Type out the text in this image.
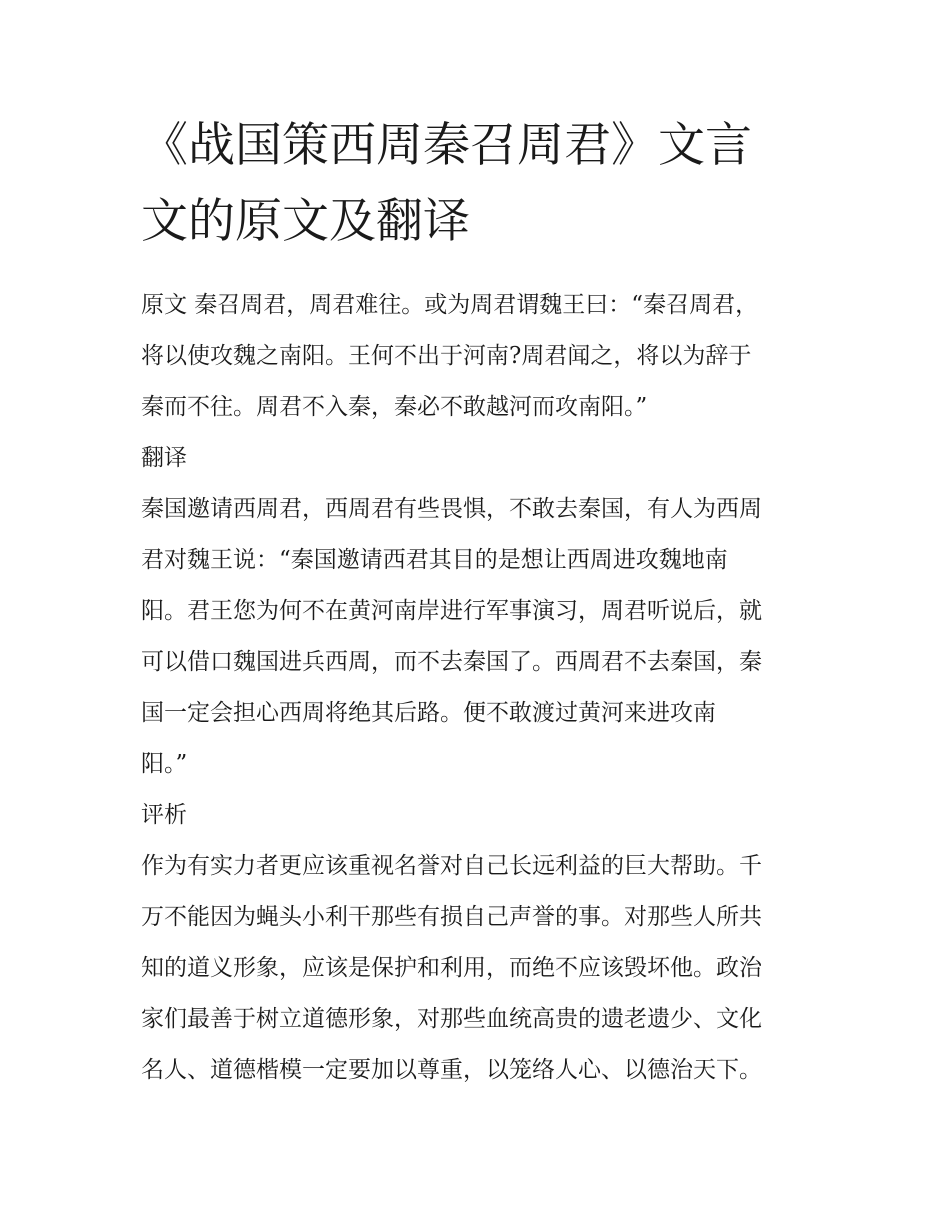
《战国策西周秦召周君》文言
文的原文及翻译
原文 秦召周君，周君难往。或为周君谓魏王曰：“秦召周君，
将以使攻魏之南阳。王何不出于河南?周君闻之，将以为辞于
秦而不往。周君不入秦，秦必不敢越河而攻南阳。”
翻译
秦国邀请西周君，西周君有些畏惧，不敢去秦国，有人为西周
君对魏王说：“秦国邀请西君其目的是想让西周进攻魏地南
阳。君王您为何不在黄河南岸进行军事演习，周君听说后，就
可以借口魏国进兵西周，而不去秦国了。西周君不去秦国，秦
国一定会担心西周将绝其后路。便不敢渡过黄河来进攻南
阳。”
评析
作为有实力者更应该重视名誉对自己长远利益的巨大帮助。千
万不能因为蝇头小利干那些有损自己声誉的事。对那些人所共
知的道义形象，应该是保护和利用，而绝不应该毁坏他。政治
家们最善于树立道德形象，对那些血统高贵的遗老遗少、文化
名人、道德楷模一定要加以尊重，以笼络人心、以德治天下。
